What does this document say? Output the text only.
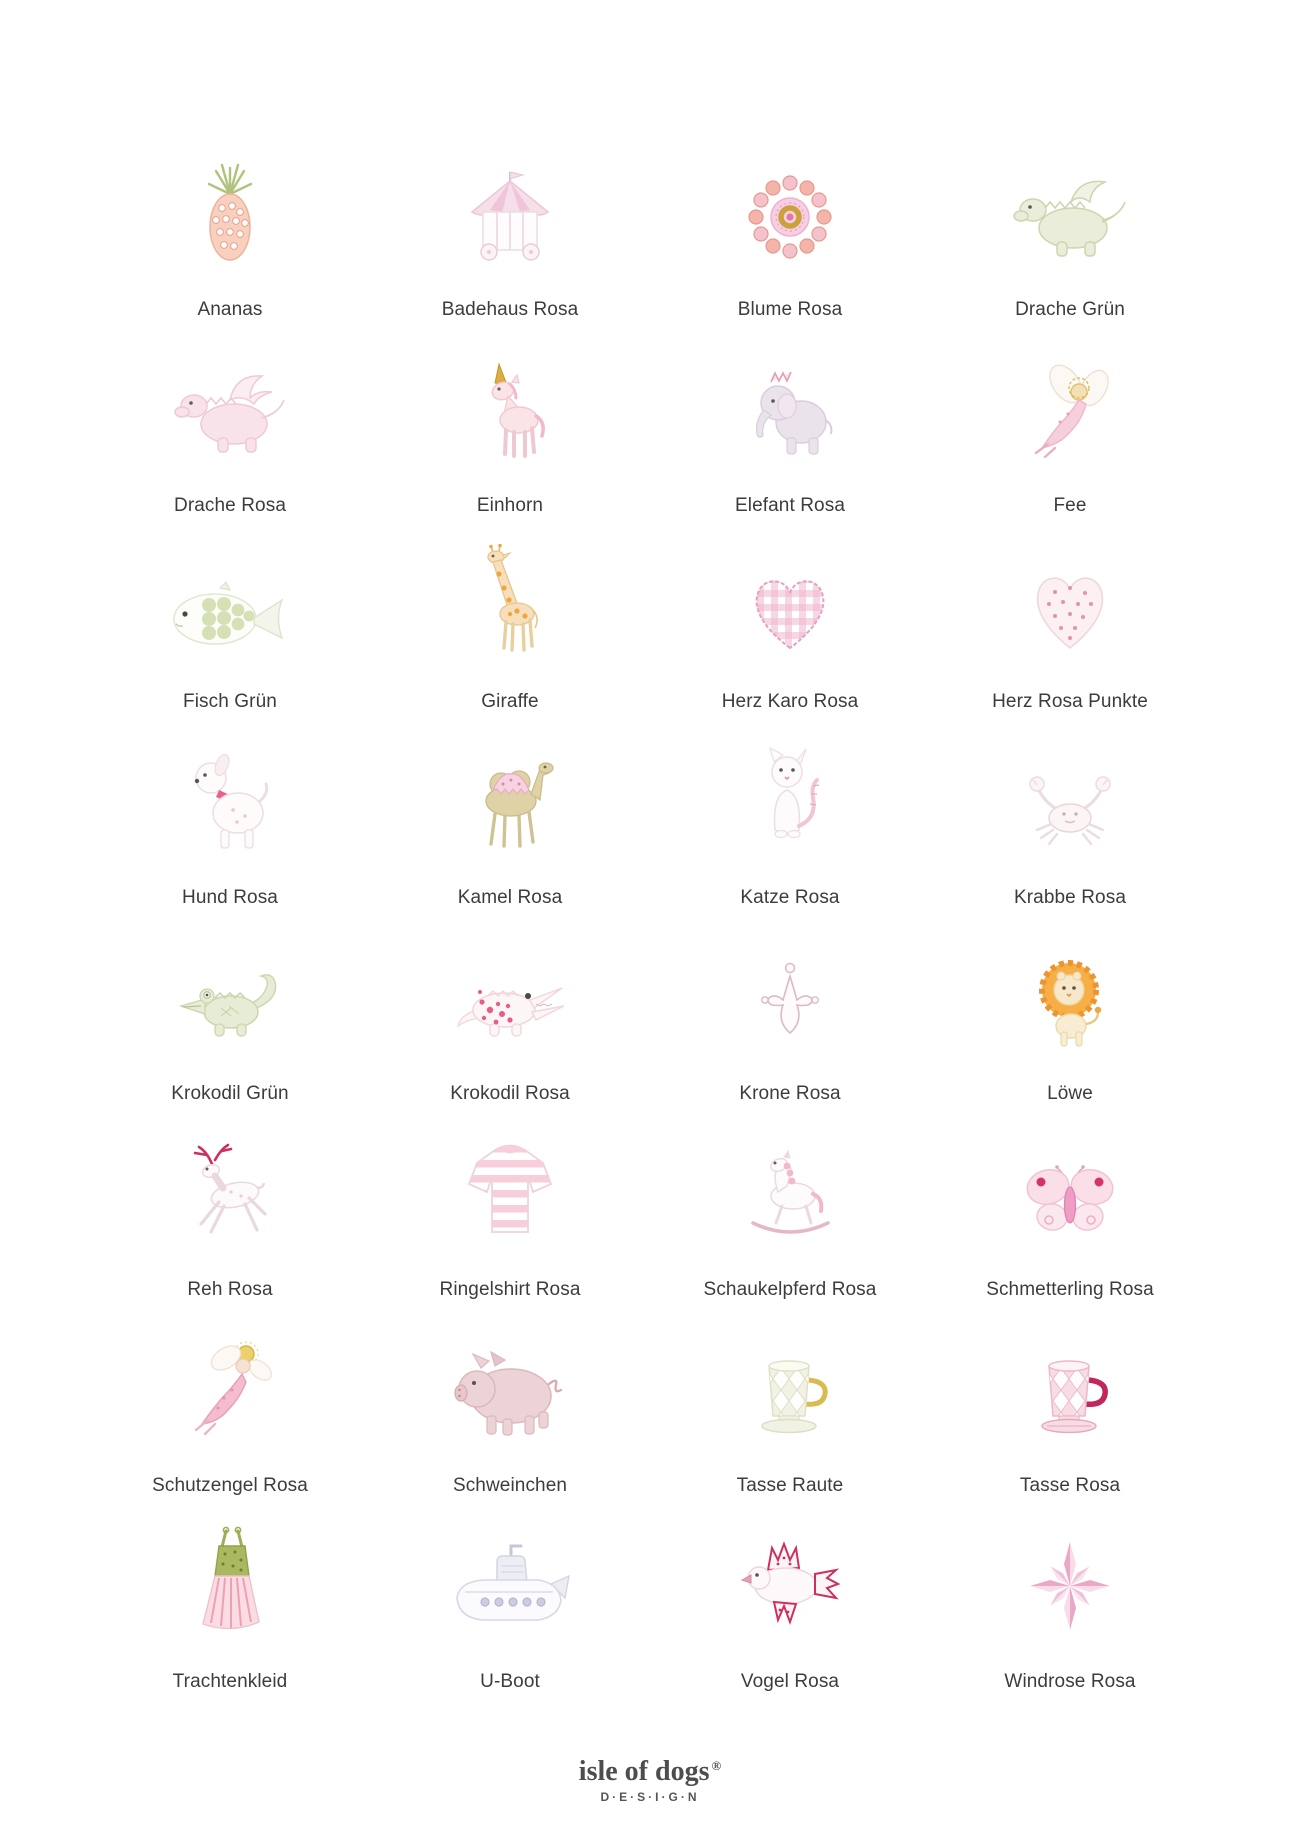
Ananas	Badehaus Rosa	Blume Rosa	Drache Grün
Drache Rosa	Einhorn	Elefant Rosa	Fee
Fisch Grün	Giraffe	Herz Karo Rosa	Herz Rosa Punkte
Hund Rosa	Kamel Rosa	Katze Rosa	Krabbe Rosa
Krokodil Grün	Krokodil Rosa	Krone Rosa	Löwe
Reh Rosa	Ringelshirt Rosa	Schaukelpferd Rosa	Schmetterling Rosa
Schutzengel Rosa	Schweinchen	Tasse Raute	Tasse Rosa
Trachtenkleid	U-Boot	Vogel Rosa	Windrose Rosa
isle of dogs ®
D·E·S·I·G·N
